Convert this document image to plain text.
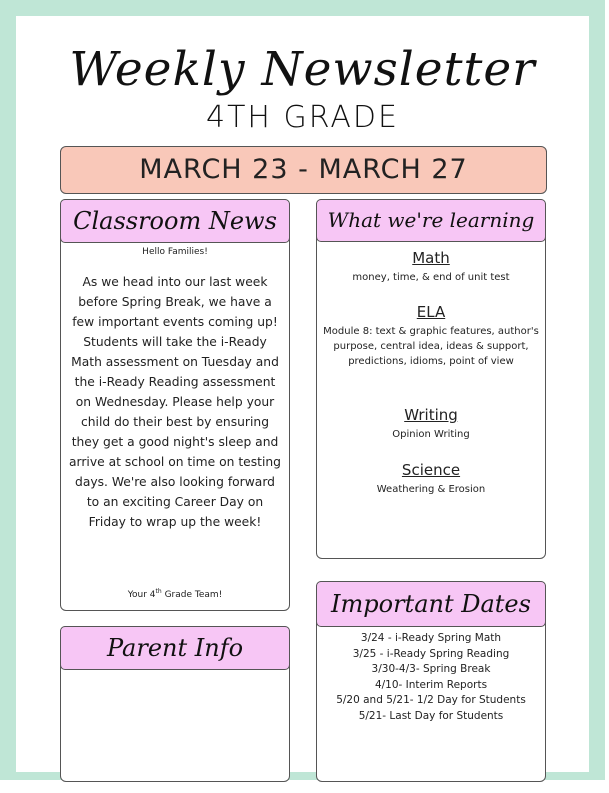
Weekly Newsletter
4TH GRADE
MARCH 23 - MARCH 27
Classroom News
Hello Families!
As we head into our last week before Spring Break, we have a few important events coming up! Students will take the i-Ready Math assessment on Tuesday and the i-Ready Reading assessment on Wednesday. Please help your child do their best by ensuring they get a good night's sleep and arrive at school on time on testing days. We're also looking forward to an exciting Career Day on Friday to wrap up the week!
Your 4th Grade Team!
What we're learning
Math
money, time, & end of unit test
ELA
Module 8: text & graphic features, author's purpose, central idea, ideas & support, predictions, idioms, point of view
Writing
Opinion Writing
Science
Weathering & Erosion
Parent Info
Important Dates
3/24 - i-Ready Spring Math
3/25 - i-Ready Spring Reading
3/30-4/3- Spring Break
4/10- Interim Reports
5/20 and 5/21- 1/2 Day for Students
5/21- Last Day for Students
